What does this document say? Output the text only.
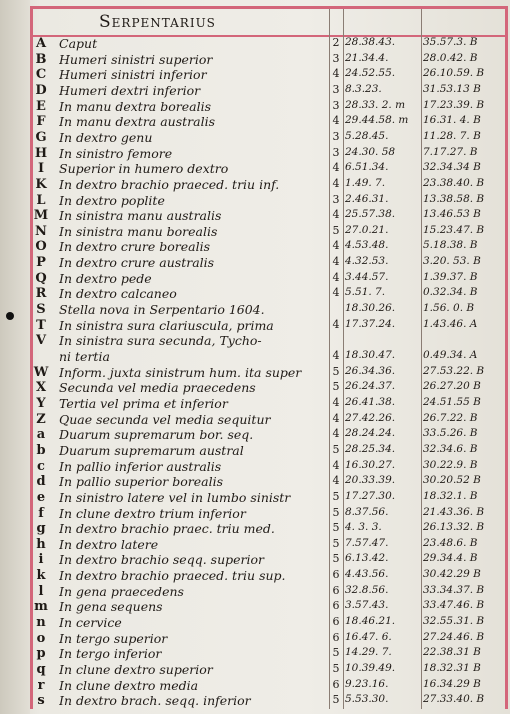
Serpentarius
A Caput	2 28.38.43.	35.57.3. B
B Humeri sinistri superior	3 21.34.4.	28.0.42. B
C Humeri sinistri inferior	4 24.52.55.	26.10.59. B
D Humeri dextri inferior	3 8.3.23.	31.53.13 B
E In manu dextra borealis	3 28.33. 2. m	17.23.39. B
F In manu dextra australis	4 29.44.58. m	16.31. 4. B
G In dextro genu	3 5.28.45.	11.28. 7. B
H In sinistro femore	3 24.30. 58	7.17.27. B
I	Superior in humero dextro	4 6.51.34.	32.34.34 B
K In dextro brachio praeced. triu inf.	4 1.49. 7.	23.38.40. B
L In dextro poplite	3 2.46.31.	13.38.58. B
M In sinistra manu australis	4 25.57.38.	13.46.53 B
N In sinistra manu borealis	5 27.0.21.	15.23.47. B
O In dextro crure borealis	4 4.53.48.	5.18.38. B
P In dextro crure australis	4 4.32.53.	3.20. 53. B
Q In dextro pede	4 3.44.57.	1.39.37. B
R In dextro calcaneo	4 5.51. 7.	0.32.34. B
S Stella nova in Serpentario 1604.	18.30.26.	1.56. 0. B
T In sinistra sura clariuscula, prima	4 17.37.24.	1.43.46. A
V In sinistra sura secunda, Tycho-
ni tertia	4 18.30.47.	0.49.34. A
W Inform. juxta sinistrum hum. ita super	5 26.34.36.	27.53.22. B
X Secunda vel media praecedens	5 26.24.37.	26.27.20 B
Y Tertia vel prima et inferior	4 26.41.38.	24.51.55 B
Z Quae secunda vel media sequitur	4 27.42.26.	26.7.22. B
a	Duarum supremarum bor. seq.	4 28.24.24.	33.5.26. B
b Duarum supremarum austral	5 28.25.34.	32.34.6. B
c	In pallio inferior australis	4 16.30.27.	30.22.9. B
d In pallio superior borealis	4 20.33.39.	30.20.52 B
e	In sinistro latere vel in lumbo sinistr	5 17.27.30.	18.32.1. B
f	In clune dextro trium inferior	5 8.37.56.	21.43.36. B
g In dextro brachio praec. triu med.	5 4. 3. 3.	26.13.32. B
h In dextro latere	5 7.57.47.	23.48.6. B
i	In dextro brachio seqq. superior	5 6.13.42.	29.34.4. B
k In dextro brachio praeced. triu sup.	6 4.43.56.	30.42.29 B
l	In gena praecedens	6 32.8.56.	33.34.37. B
m In gena sequens	6 3.57.43.	33.47.46. B
n In cervice	6 18.46.21.	32.55.31. B
o In tergo superior	6 16.47. 6.	27.24.46. B
p In tergo inferior	5 14.29. 7.	22.38.31 B
q In clune dextro superior	5 10.39.49.	18.32.31 B
r	In clune dextro media	6 9.23.16.	16.34.29 B
s	In dextro brach. seqq. inferior	5 5.53.30.	27.33.40. B
